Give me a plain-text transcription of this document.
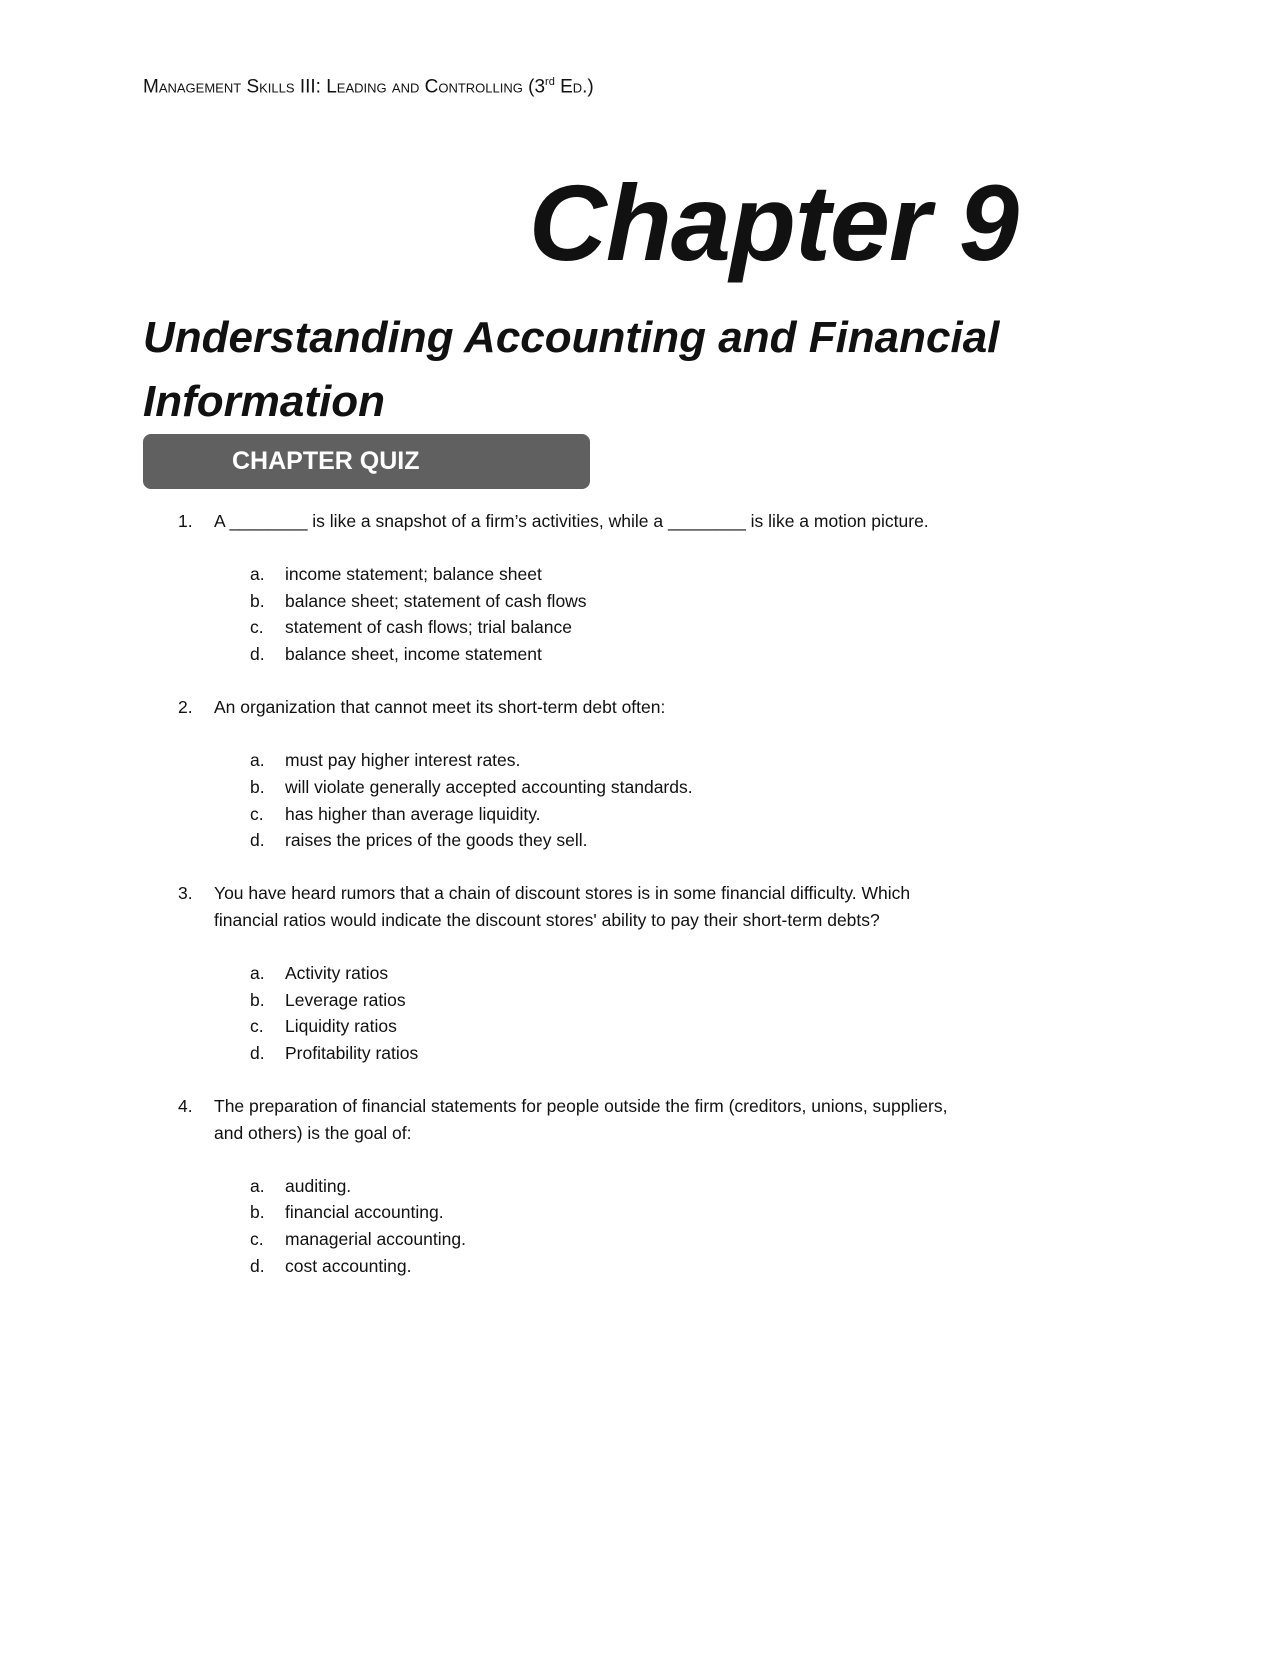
Management Skills III: Leading and Controlling (3rd Ed.)
Chapter 9
Understanding Accounting and Financial Information
CHAPTER QUIZ
1. A ________ is like a snapshot of a firm’s activities, while a ________ is like a motion picture.
a. income statement; balance sheet
b. balance sheet; statement of cash flows
c. statement of cash flows; trial balance
d. balance sheet, income statement
2. An organization that cannot meet its short-term debt often:
a. must pay higher interest rates.
b. will violate generally accepted accounting standards.
c. has higher than average liquidity.
d. raises the prices of the goods they sell.
3. You have heard rumors that a chain of discount stores is in some financial difficulty. Which
financial ratios would indicate the discount stores' ability to pay their short-term debts?
a. Activity ratios
b. Leverage ratios
c. Liquidity ratios
d. Profitability ratios
4. The preparation of financial statements for people outside the firm (creditors, unions, suppliers,
and others) is the goal of:
a. auditing.
b. financial accounting.
c. managerial accounting.
d. cost accounting.
